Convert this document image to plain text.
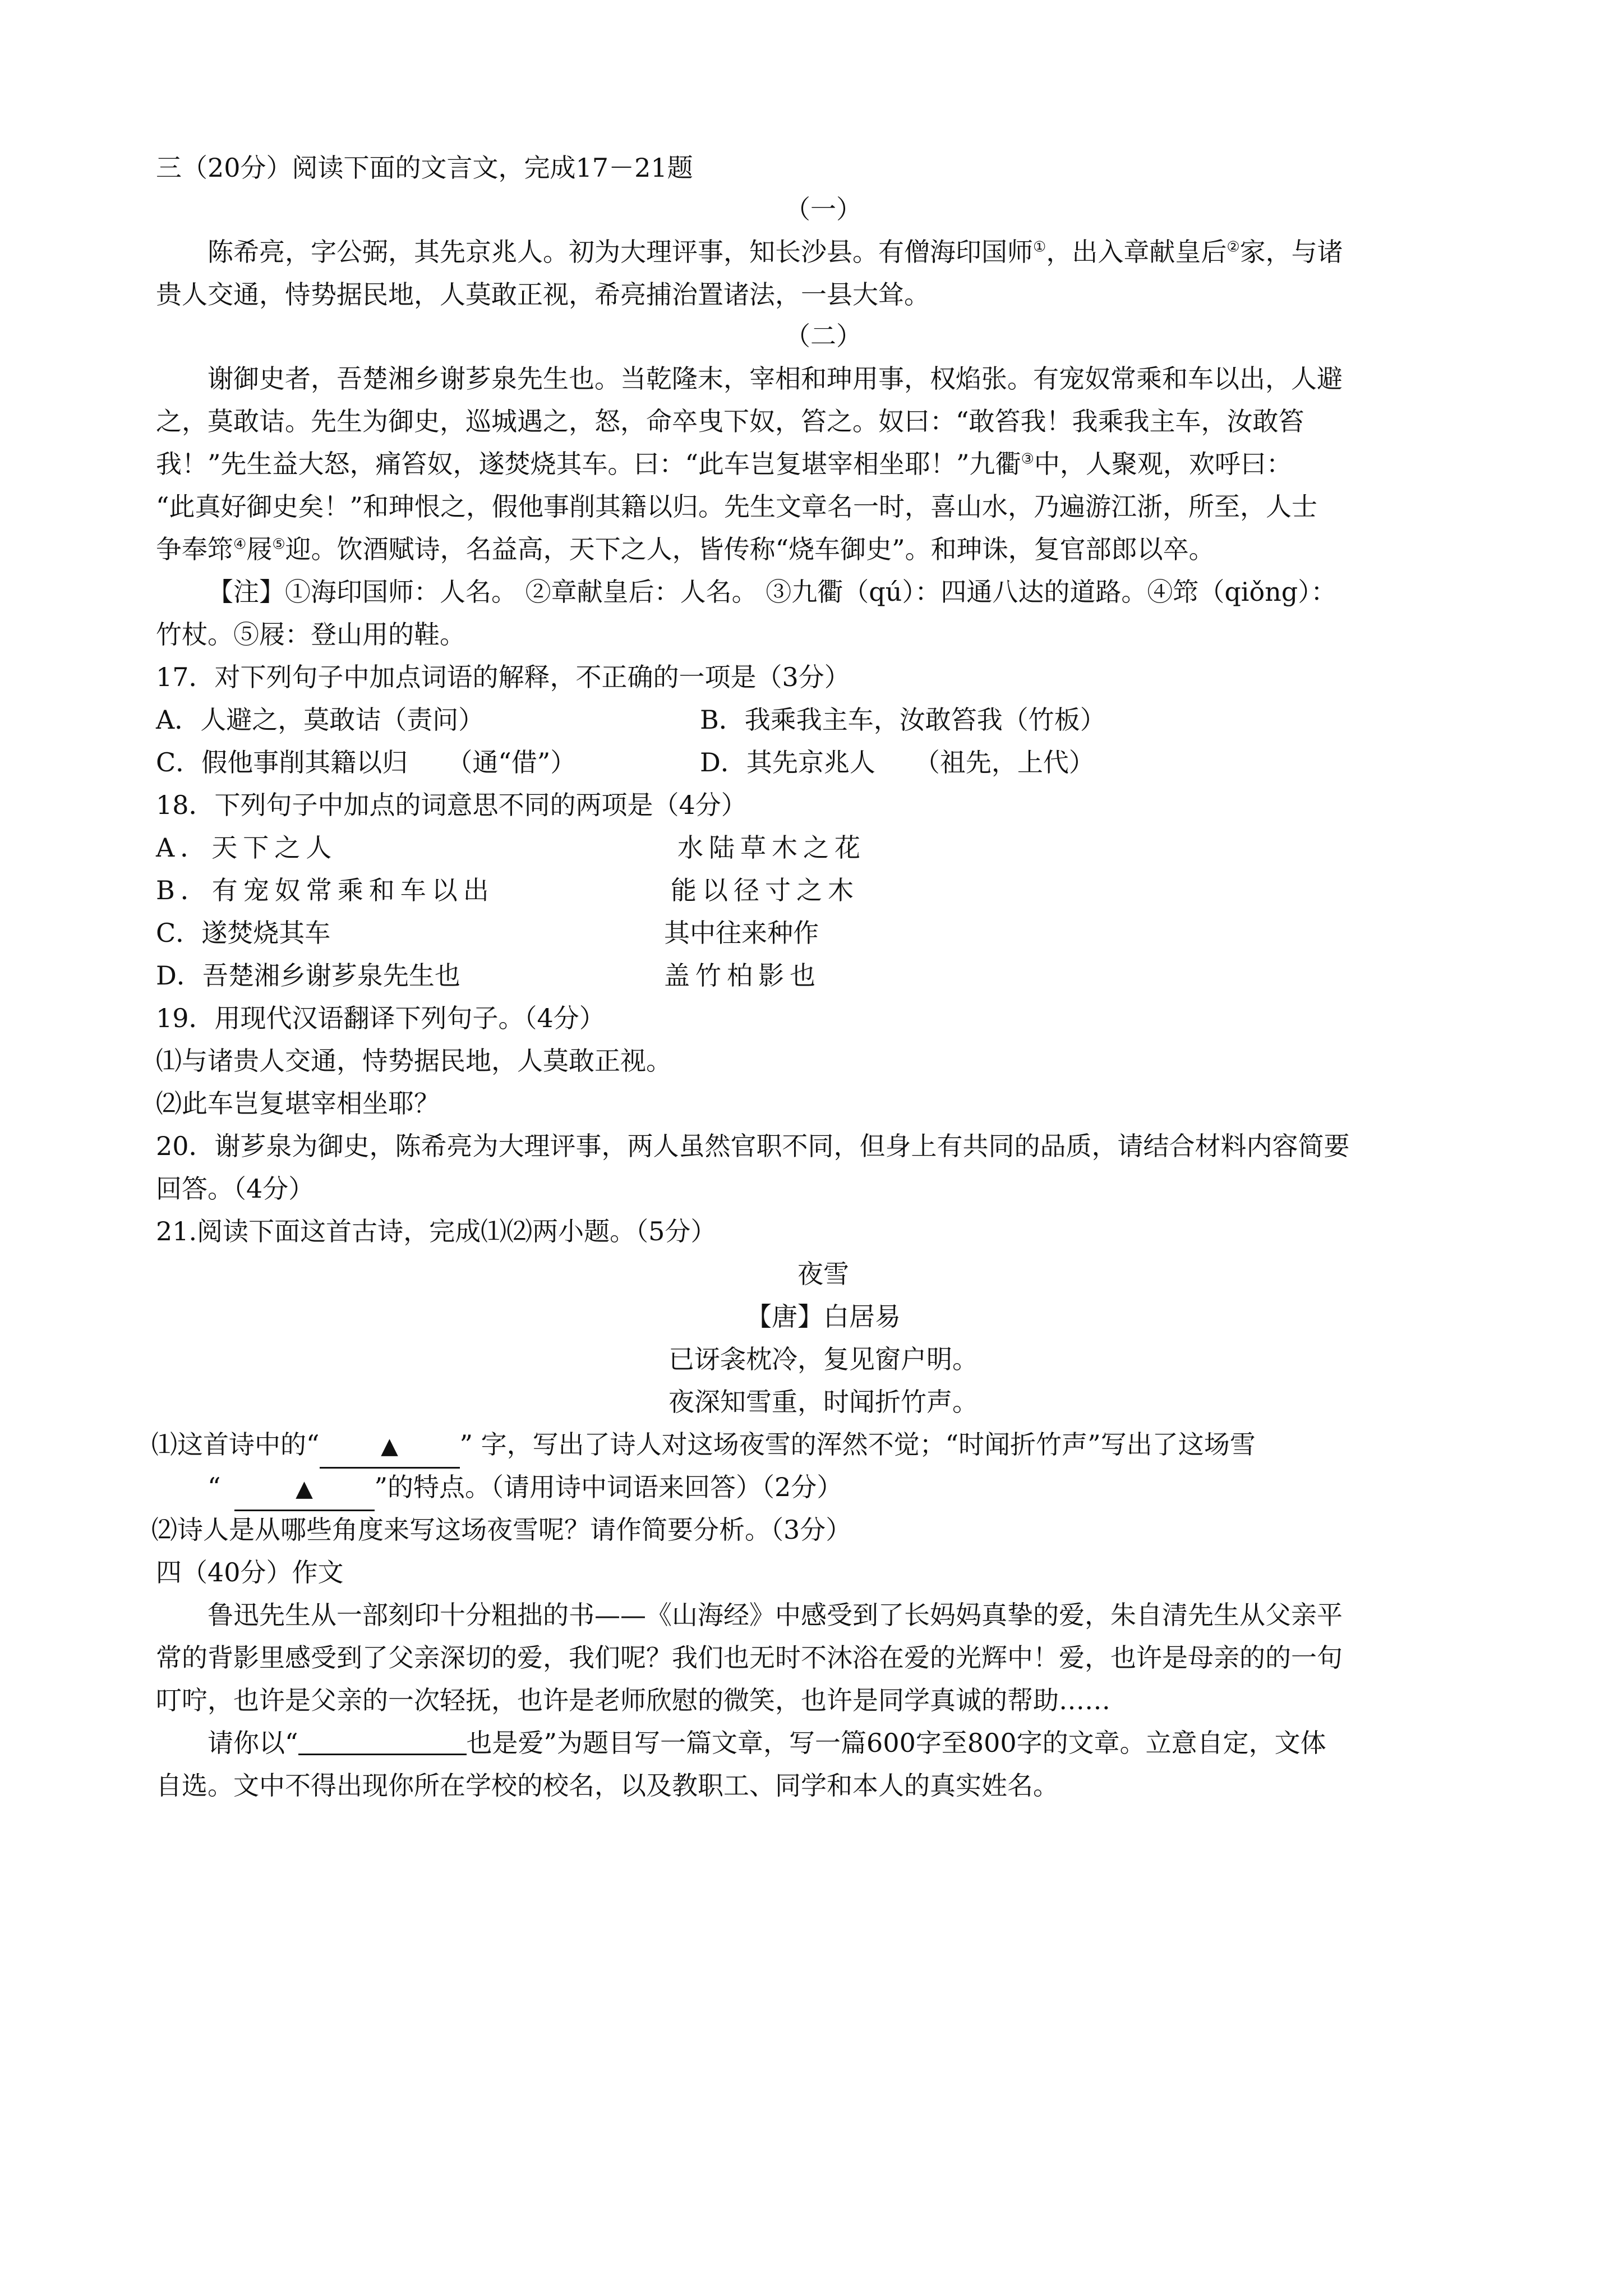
三（20分）阅读下面的文言文，完成17－21题
（一）
陈希亮，字公弼，其先京兆人。初为大理评事，知长沙县。有僧海印国师①，出入章献皇后②家，与诸
贵人交通，恃势据民地，人莫敢正视，希亮捕治置诸法，一县大耸。
（二）
谢御史者，吾楚湘乡谢芗泉先生也。当乾隆末，宰相和珅用事，权焰张。有宠奴常乘和车以出，人避
之，莫敢诘。先生为御史，巡城遇之，怒，命卒曳下奴，笞之。奴曰：“敢笞我！我乘我主车，汝敢笞
我！”先生益大怒，痛笞奴，遂焚烧其车。曰：“此车岂复堪宰相坐耶！”九衢③中，人聚观，欢呼曰：
“此真好御史矣！”和珅恨之，假他事削其籍以归。先生文章名一时，喜山水，乃遍游江浙，所至，人士
争奉筇④屐⑤迎。饮酒赋诗，名益高，天下之人，皆传称“烧车御史”。和珅诛，复官部郎以卒。
【注】①海印国师：人名。 ②章献皇后：人名。 ③九衢（qú）：四通八达的道路。④筇（qiǒng）：
竹杖。⑤屐：登山用的鞋。
17．对下列句子中加点词语的解释，不正确的一项是（3分）
A．人避之，莫敢诘（责问）	B．我乘我主车，汝敢笞我（竹板）
C．假他事削其籍以归　　（通“借”）	D．其先京兆人　　（祖先，上代）
18．下列句子中加点的词意思不同的两项是（4分）
A．天下之人	水陆草木之花
B．有宠奴常乘和车以出	能以径寸之木
C．遂焚烧其车	其中往来种作
D．吾楚湘乡谢芗泉先生也	盖竹柏影也
19．用现代汉语翻译下列句子。（4分）
⑴与诸贵人交通，恃势据民地，人莫敢正视。
⑵此车岂复堪宰相坐耶？
20．谢芗泉为御史，陈希亮为大理评事，两人虽然官职不同，但身上有共同的品质，请结合材料内容简要
回答。（4分）
21.阅读下面这首古诗，完成⑴⑵两小题。（5分）
夜雪
【唐】白居易
已讶衾枕冷，复见窗户明。
夜深知雪重，时闻折竹声。
⑴这首诗中的“	▲ ” 字，写出了诗人对这场夜雪的浑然不觉；“时闻折竹声”写出了这场雪
“	▲ ”的特点。（请用诗中词语来回答）（2分）
⑵诗人是从哪些角度来写这场夜雪呢？请作简要分析。（3分）
四（40分）作文
鲁迅先生从一部刻印十分粗拙的书——《山海经》中感受到了长妈妈真挚的爱，朱自清先生从父亲平
常的背影里感受到了父亲深切的爱，我们呢？我们也无时不沐浴在爱的光辉中！爱，也许是母亲的的一句
叮咛，也许是父亲的一次轻抚，也许是老师欣慰的微笑，也许是同学真诚的帮助……
请你以“	也是爱”为题目写一篇文章，写一篇600字至800字的文章。立意自定，文体
自选。文中不得出现你所在学校的校名，以及教职工、同学和本人的真实姓名。
